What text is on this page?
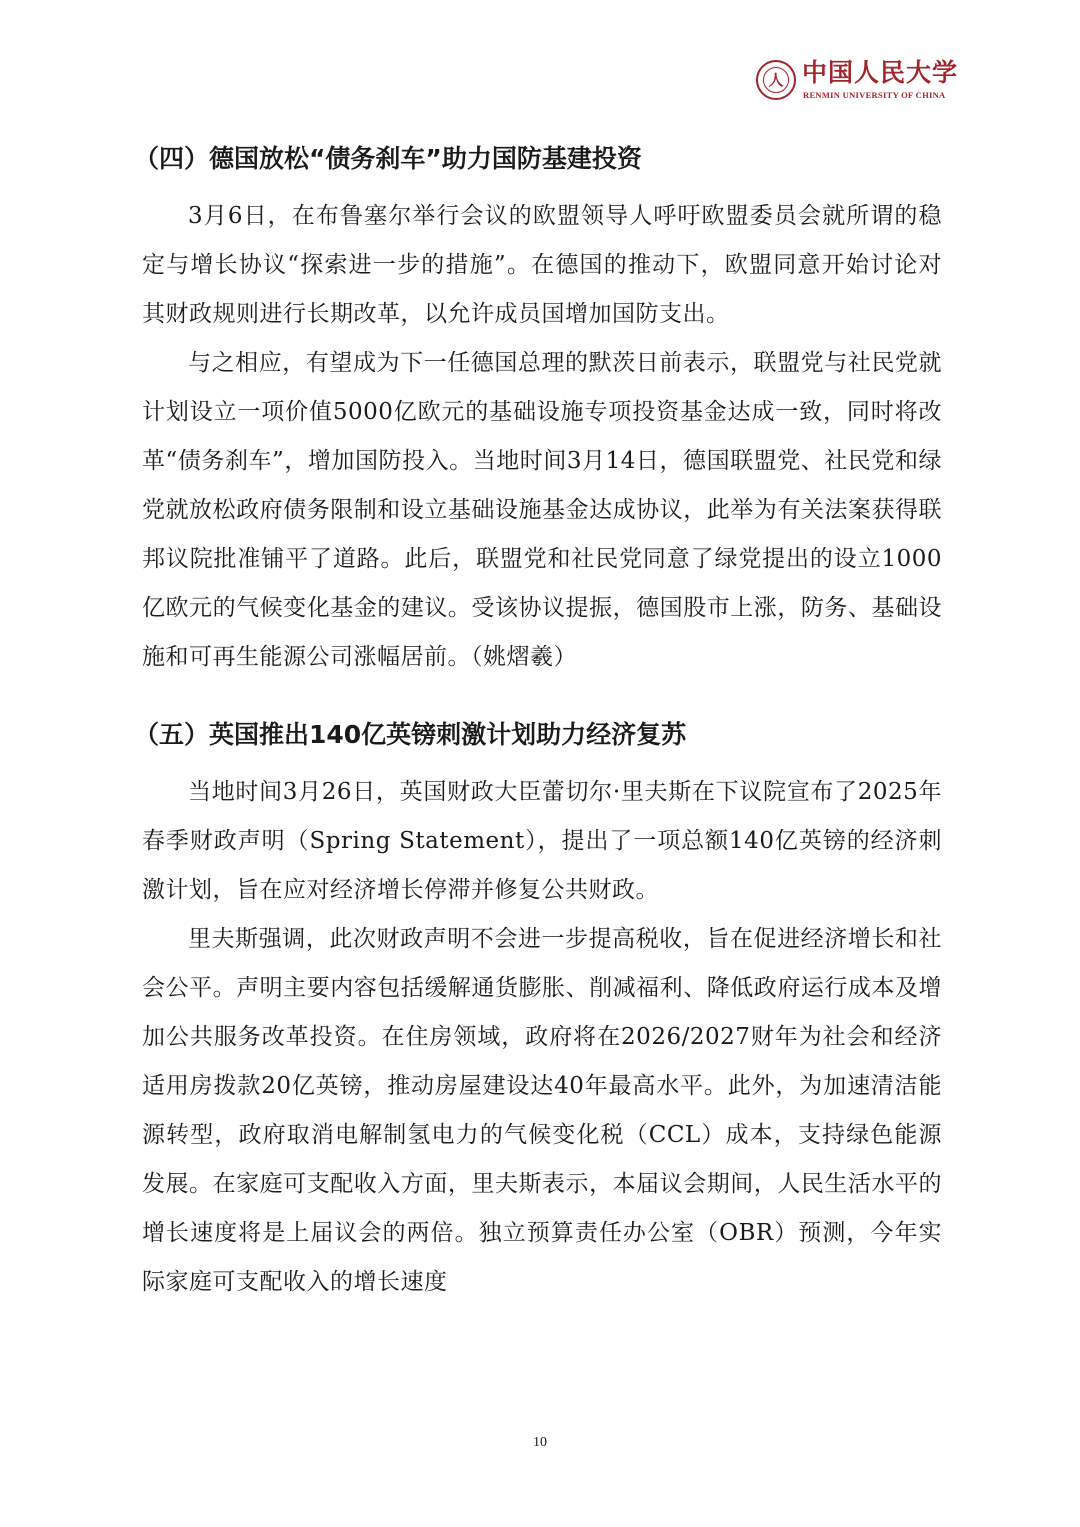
人 中国人民大学
RENMIN UNIVERSITY OF CHINA
（四）德国放松“债务刹车”助力国防基建投资

3月6日，在布鲁塞尔举行会议的欧盟领导人呼吁欧盟委员会就所谓的稳定与增长协议“探索进一步的措施”。在德国的推动下，欧盟同意开始讨论对其财政规则进行长期改革，以允许成员国增加国防支出。

与之相应，有望成为下一任德国总理的默茨日前表示，联盟党与社民党就计划设立一项价值5000亿欧元的基础设施专项投资基金达成一致，同时将改革“债务刹车”，增加国防投入。当地时间3月14日，德国联盟党、社民党和绿党就放松政府债务限制和设立基础设施基金达成协议，此举为有关法案获得联邦议院批准铺平了道路。此后，联盟党和社民党同意了绿党提出的设立1000亿欧元的气候变化基金的建议。受该协议提振，德国股市上涨，防务、基础设施和可再生能源公司涨幅居前。（姚熠羲）

（五）英国推出140亿英镑刺激计划助力经济复苏

当地时间3月26日，英国财政大臣蕾切尔·里夫斯在下议院宣布了2025年春季财政声明（Spring Statement），提出了一项总额140亿英镑的经济刺激计划，旨在应对经济增长停滞并修复公共财政。

里夫斯强调，此次财政声明不会进一步提高税收，旨在促进经济增长和社会公平。声明主要内容包括缓解通货膨胀、削减福利、降低政府运行成本及增加公共服务改革投资。在住房领域，政府将在2026/2027财年为社会和经济适用房拨款20亿英镑，推动房屋建设达40年最高水平。此外，为加速清洁能源转型，政府取消电解制氢电力的气候变化税（CCL）成本，支持绿色能源发展。在家庭可支配收入方面，里夫斯表示，本届议会期间，人民生活水平的增长速度将是上届议会的两倍。独立预算责任办公室（OBR）预测，今年实际家庭可支配收入的增长速度

10
